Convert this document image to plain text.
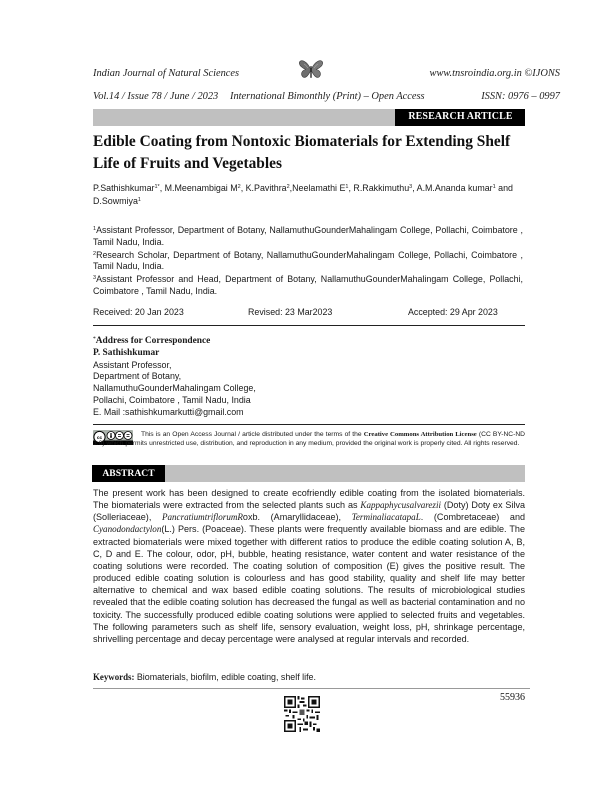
Indian Journal of Natural Sciences	www.tnsroindia.org.in ©IJONS
Vol.14 / Issue 78 / June / 2023 International Bimonthly (Print) – Open Access	ISSN: 0976 – 0997
RESEARCH ARTICLE
Edible Coating from Nontoxic Biomaterials for Extending Shelf Life of Fruits and Vegetables
P.Sathishkumar$^{1*}$, M.Meenambigai $M^2$, K.Pavithra$^2$,Neelamathi $E^1$, R.Rakkimuthu$^3$, A.M.Ananda kumar$^1$ and D.Sowmiya$^1$
$^1$Assistant Professor, Department of Botany, NallamuthuGounderMahalingam College, Pollachi, Coimbatore , Tamil Nadu, India.
$^2$Research Scholar, Department of Botany, NallamuthuGounderMahalingam College, Pollachi, Coimbatore , Tamil Nadu, India.
$^3$Assistant Professor and Head, Department of Botany, NallamuthuGounderMahalingam College, Pollachi, Coimbatore , Tamil Nadu, India.
Received: 20 Jan 2023	Revised: 23 Mar2023	Accepted: 29 Apr 2023
*Address for Correspondence
P. Sathishkumar
Assistant Professor,
Department of Botany,
NallamuthuGounderMahalingam College,
Pollachi, Coimbatore , Tamil Nadu, India
E. Mail :sathishkumarkutti@gmail.com
cc
This is an Open Access Journal / article distributed under the terms of the Creative Commons Attribution License (CC BY-NC-ND 3.0) which permits unrestricted use, distribution, and reproduction in any medium, provided the original work is properly cited. All rights reserved.
ABSTRACT
The present work has been designed to create ecofriendly edible coating from the isolated biomaterials. The biomaterials were extracted from the selected plants such as Kappaphycusalvarezii (Doty) Doty ex Silva (Solleriaceae), PancratiumtriflorumRoxb. (Amaryllidaceae), TerminaliacatapaL. (Combretaceae) and Cyanodondactylon(L.) Pers. (Poaceae). These plants were frequently available biomass and are edible. The extracted biomaterials were mixed together with different ratios to produce the edible coating solution A, B, C, D and E. The colour, odor, pH, bubble, heating resistance, water content and water resistance of the coating solutions were recorded. The coating solution of composition (E) gives the positive result. The produced edible coating solution is colourless and has good stability, quality and shelf life may better alternative to chemical and wax based edible coating solutions. The results of microbiological studies revealed that the edible coating solution has decreased the fungal as well as bacterial contamination and no toxicity. The successfully produced edible coating solutions were applied to selected fruits and vegetables. The following parameters such as shelf life, sensory evaluation, weight loss, pH, shrinkage percentage, shrivelling percentage and decay percentage were analysed at regular intervals and recorded.
Keywords: Biomaterials, biofilm, edible coating, shelf life.
55936
